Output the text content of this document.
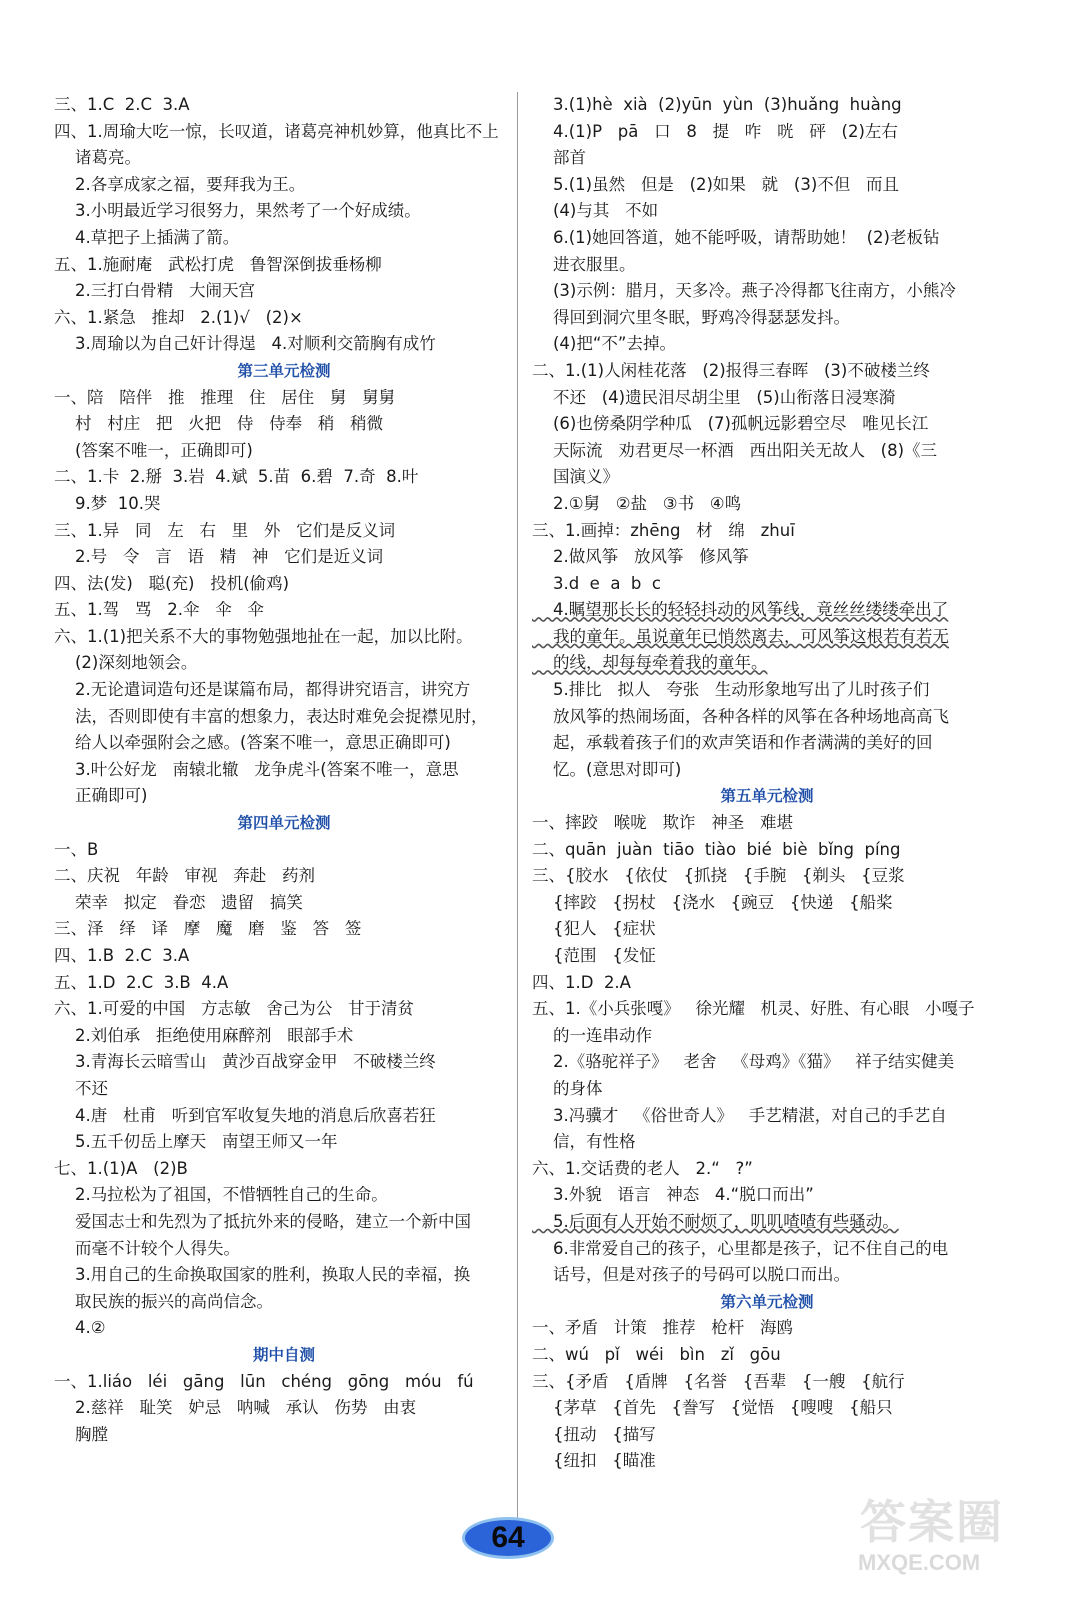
三、1.C  2.C  3.A
四、1.周瑜大吃一惊，长叹道，诸葛亮神机妙算，他真比不上
诸葛亮。
2.各享成家之福，要拜我为王。
3.小明最近学习很努力，果然考了一个好成绩。
4.草把子上插满了箭。
五、1.施耐庵   武松打虎   鲁智深倒拔垂杨柳
2.三打白骨精   大闹天宫
六、1.紧急   推却   2.(1)√   (2)×
3.周瑜以为自己奸计得逞   4.对顺利交箭胸有成竹
第三单元检测
一、陪   陪伴   推   推理   住   居住   舅   舅舅
村   村庄   把   火把   侍   侍奉   稍   稍微
(答案不唯一，正确即可)
二、1.卡  2.掰  3.岩  4.斌  5.苗  6.碧  7.奇  8.叶
9.梦  10.哭
三、1.异   同   左   右   里   外   它们是反义词
2.号   令   言   语   精   神   它们是近义词
四、法(发)   聪(充)   投机(偷鸡)
五、1.驾   骂   2.伞   伞   伞
六、1.(1)把关系不大的事物勉强地扯在一起，加以比附。
(2)深刻地领会。
2.无论遣词造句还是谋篇布局，都得讲究语言，讲究方
法，否则即使有丰富的想象力，表达时难免会捉襟见肘，
给人以牵强附会之感。(答案不唯一，意思正确即可)
3.叶公好龙   南辕北辙   龙争虎斗(答案不唯一，意思
正确即可)
第四单元检测
一、B
二、庆祝   年龄   审视   奔赴   药剂
荣幸   拟定   眷恋   遗留   搞笑
三、泽   绎   译   摩   魔   磨   鉴   答   签
四、1.B  2.C  3.A
五、1.D  2.C  3.B  4.A
六、1.可爱的中国   方志敏   舍己为公   甘于清贫
2.刘伯承   拒绝使用麻醉剂   眼部手术
3.青海长云暗雪山   黄沙百战穿金甲   不破楼兰终
不还
4.唐   杜甫   听到官军收复失地的消息后欣喜若狂
5.五千仞岳上摩天   南望王师又一年
七、1.(1)A   (2)B
2.马拉松为了祖国，不惜牺牲自己的生命。
爱国志士和先烈为了抵抗外来的侵略，建立一个新中国
而毫不计较个人得失。
3.用自己的生命换取国家的胜利，换取人民的幸福，换
取民族的振兴的高尚信念。
4.②
期中自测
一、1.liáo   léi   gāng   lūn   chéng   gōng   móu   fú
2.慈祥   耻笑   妒忌   呐喊   承认   伤势   由衷
胸膛
3.(1)hè  xià  (2)yūn  yùn  (3)huǎng  huàng
4.(1)P   pā   口   8   提   咋   咣   砰   (2)左右
部首
5.(1)虽然   但是   (2)如果   就   (3)不但   而且
(4)与其   不如
6.(1)她回答道，她不能呼吸，请帮助她！  (2)老板钻
进衣服里。
(3)示例：腊月，天多冷。燕子冷得都飞往南方，小熊冷
得回到洞穴里冬眠，野鸡冷得瑟瑟发抖。
(4)把“不”去掉。
二、1.(1)人闲桂花落   (2)报得三春晖   (3)不破楼兰终
不还   (4)遗民泪尽胡尘里   (5)山衔落日浸寒漪
(6)也傍桑阴学种瓜   (7)孤帆远影碧空尽   唯见长江
天际流   劝君更尽一杯酒   西出阳关无故人   (8)《三
国演义》
2.①舅   ②盐   ③书   ④鸣
三、1.画掉：zhēng   材   绵   zhuī
2.做风筝   放风筝   修风筝
3.d  e  a  b  c
4.瞩望那长长的轻轻抖动的风筝线，竟丝丝缕缕牵出了
我的童年。虽说童年已悄然离去，可风筝这根若有若无
的线，却每每牵着我的童年。
5.排比   拟人   夸张   生动形象地写出了儿时孩子们
放风筝的热闹场面，各种各样的风筝在各种场地高高飞
起，承载着孩子们的欢声笑语和作者满满的美好的回
忆。(意思对即可)
第五单元检测
一、摔跤   喉咙   欺诈   神圣   难堪
二、quān  juàn  tiāo  tiào  bié  biè  bǐng  píng
三、{胶水   {依仗   {抓挠   {手腕   {剃头   {豆浆
{摔跤   {拐杖   {浇水   {豌豆   {快递   {船桨
{犯人   {症状
{范围   {发怔
四、1.D  2.A
五、1.《小兵张嘎》   徐光耀   机灵、好胜、有心眼   小嘎子
的一连串动作
2.《骆驼祥子》   老舍   《母鸡》《猫》   祥子结实健美
的身体
3.冯骥才   《俗世奇人》   手艺精湛，对自己的手艺自
信，有性格
六、1.交话费的老人   2.“   ?”
3.外貌   语言   神态   4.“脱口而出”
5.后面有人开始不耐烦了，叽叽喳喳有些骚动。
6.非常爱自己的孩子，心里都是孩子，记不住自己的电
话号，但是对孩子的号码可以脱口而出。
第六单元检测
一、矛盾   计策   推荐   枪杆   海鸥
二、wú   pǐ   wéi   bìn   zǐ   gōu
三、{矛盾   {盾牌   {名誉   {吾辈   {一艘   {航行
{茅草   {首先   {誊写   {觉悟   {嗖嗖   {船只
{扭动   {描写
{纽扣   {瞄准
64	答案圈
MXQE.COM
